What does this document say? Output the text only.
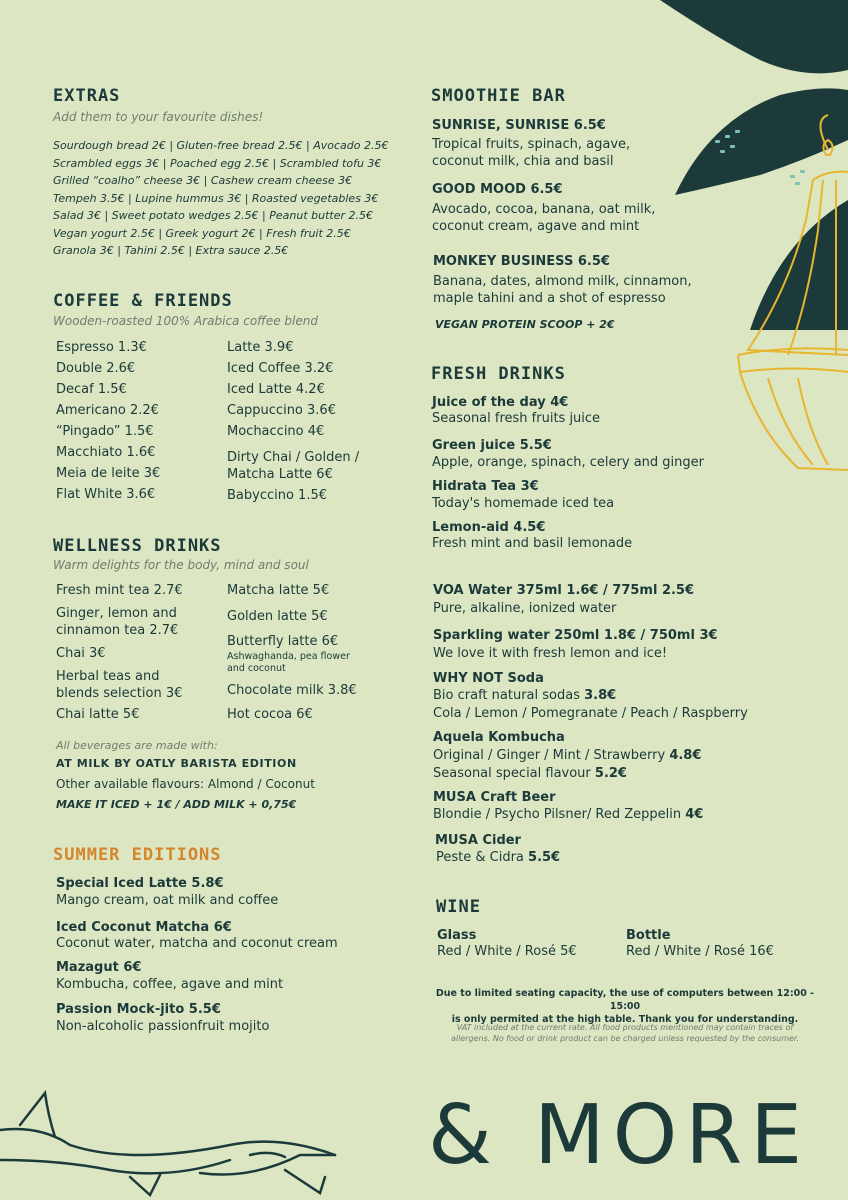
EXTRAS
Add them to your favourite dishes!
Sourdough bread 2€ | Gluten-free bread 2.5€ | Avocado 2.5€
Scrambled eggs 3€ | Poached egg 2.5€ | Scrambled tofu 3€
Grilled “coalho” cheese 3€ | Cashew cream cheese 3€
Tempeh 3.5€ | Lupine hummus 3€ | Roasted vegetables 3€
Salad 3€ | Sweet potato wedges 2.5€ | Peanut butter 2.5€
Vegan yogurt 2.5€ | Greek yogurt 2€ | Fresh fruit 2.5€
Granola 3€ | Tahini 2.5€ | Extra sauce 2.5€
COFFEE & FRIENDS
Wooden-roasted 100% Arabica coffee blend
Espresso 1.3€
Double 2.6€
Decaf 1.5€
Americano 2.2€
“Pingado” 1.5€
Macchiato 1.6€
Meia de leite 3€
Flat White 3.6€
Latte 3.9€
Iced Coffee 3.2€
Iced Latte 4.2€
Cappuccino 3.6€
Mochaccino 4€
Dirty Chai / Golden /
Matcha Latte 6€
Babyccino 1.5€
WELLNESS DRINKS
Warm delights for the body, mind and soul
Fresh mint tea 2.7€
Ginger, lemon and
cinnamon tea 2.7€
Chai 3€
Herbal teas and
blends selection 3€
Chai latte 5€
Matcha latte 5€
Golden latte 5€
Butterfly latte 6€
Ashwaghanda, pea flower
and coconut
Chocolate milk 3.8€
Hot cocoa 6€
All beverages are made with:
AT MILK BY OATLY BARISTA EDITION
Other available flavours: Almond / Coconut
MAKE IT ICED + 1€ / ADD MILK + 0,75€
SUMMER EDITIONS
Special Iced Latte 5.8€
Mango cream, oat milk and coffee
Iced Coconut Matcha 6€
Coconut water, matcha and coconut cream
Mazagut 6€
Kombucha, coffee, agave and mint
Passion Mock-jito 5.5€
Non-alcoholic passionfruit mojito
SMOOTHIE BAR
SUNRISE, SUNRISE 6.5€
Tropical fruits, spinach, agave,
coconut milk, chia and basil
GOOD MOOD 6.5€
Avocado, cocoa, banana, oat milk,
coconut cream, agave and mint
MONKEY BUSINESS 6.5€
Banana, dates, almond milk, cinnamon,
maple tahini and a shot of espresso
VEGAN PROTEIN SCOOP + 2€
FRESH DRINKS
Juice of the day 4€
Seasonal fresh fruits juice
Green juice 5.5€
Apple, orange, spinach, celery and ginger
Hidrata Tea 3€
Today's homemade iced tea
Lemon-aid 4.5€
Fresh mint and basil lemonade
VOA Water 375ml 1.6€ / 775ml 2.5€
Pure, alkaline, ionized water
Sparkling water 250ml 1.8€ / 750ml 3€
We love it with fresh lemon and ice!
WHY NOT Soda
Bio craft natural sodas 3.8€
Cola / Lemon / Pomegranate / Peach / Raspberry
Aquela Kombucha
Original / Ginger / Mint / Strawberry 4.8€
Seasonal special flavour 5.2€
MUSA Craft Beer
Blondie / Psycho Pilsner/ Red Zeppelin 4€
MUSA Cider
Peste & Cidra 5.5€
WINE
Glass
Red / White / Rosé 5€
Bottle
Red / White / Rosé 16€
Due to limited seating capacity, the use of computers between 12:00 - 15:00
is only permited at the high table. Thank you for understanding.
VAT included at the current rate. All food products mentioned may contain traces of
allergens. No food or drink product can be charged unless requested by the consumer.
& MORE
